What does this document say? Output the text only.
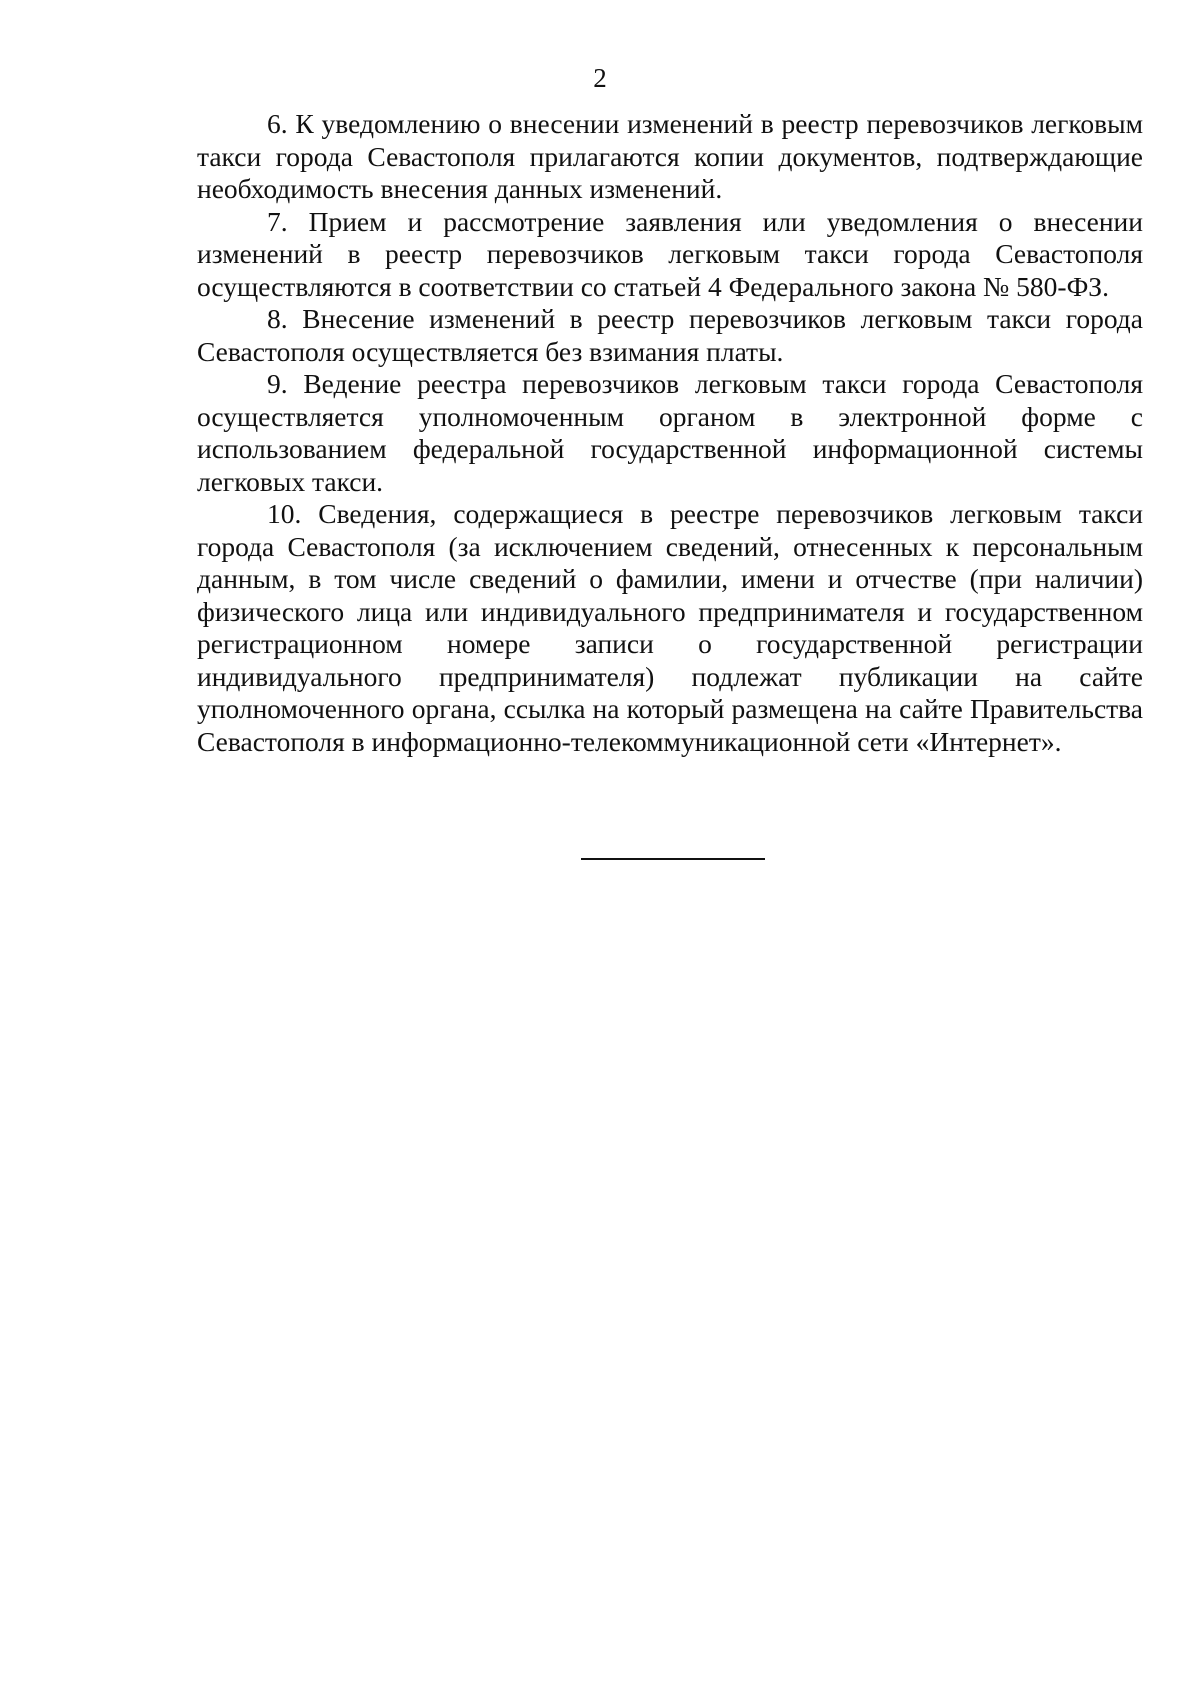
2

6. К уведомлению о внесении изменений в реестр перевозчиков легковым такси города Севастополя прилагаются копии документов, подтверждающие необходимость внесения данных изменений.

7. Прием и рассмотрение заявления или уведомления о внесении изменений в реестр перевозчиков легковым такси города Севастополя осуществляются в соответствии со статьей 4 Федерального закона № 580-ФЗ.

8. Внесение изменений в реестр перевозчиков легковым такси города Севастополя осуществляется без взимания платы.

9. Ведение реестра перевозчиков легковым такси города Севастополя осуществляется уполномоченным органом в электронной форме с использованием федеральной государственной информационной системы легковых такси.

10. Сведения, содержащиеся в реестре перевозчиков легковым такси города Севастополя (за исключением сведений, отнесенных к персональным данным, в том числе сведений о фамилии, имени и отчестве (при наличии) физического лица или индивидуального предпринимателя и государственном регистрационном номере записи о государственной регистрации индивидуального предпринимателя) подлежат публикации на сайте уполномоченного органа, ссылка на который размещена на сайте Правительства Севастополя в информационно-телекоммуникационной сети «Интернет».
